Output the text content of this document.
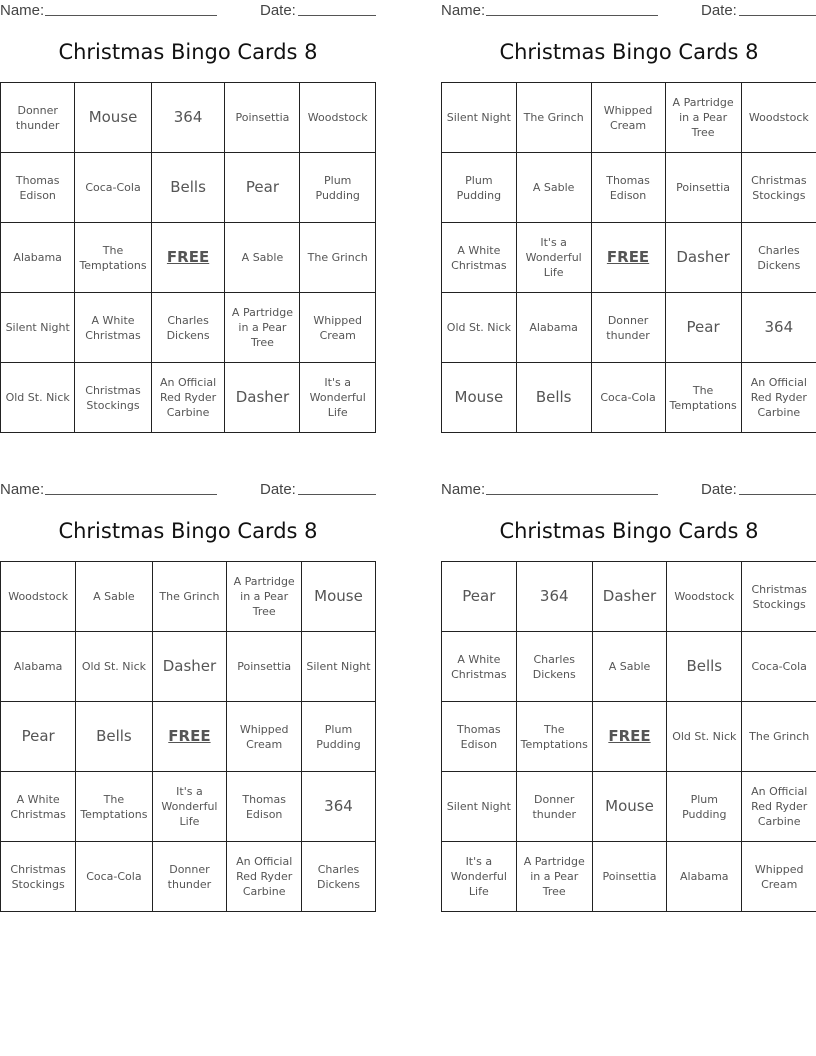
Name:	Date:
Christmas Bingo Cards 8
Donner thunder	Mouse	364	Poinsettia	Woodstock
Thomas Edison	Coca-Cola	Bells	Pear	Plum Pudding
Alabama	The Temptations	FREE	A Sable	The Grinch
Silent Night	A White Christmas	Charles Dickens	A Partridge in a Pear Tree	Whipped Cream
Old St. Nick	Christmas Stockings	An Official Red Ryder Carbine	Dasher	It's a Wonderful Life
Name:	Date:
Christmas Bingo Cards 8
Silent Night	The Grinch	Whipped Cream	A Partridge in a Pear Tree	Woodstock
Plum Pudding	A Sable	Thomas Edison	Poinsettia	Christmas Stockings
A White Christmas	It's a Wonderful Life	FREE	Dasher	Charles Dickens
Old St. Nick	Alabama	Donner thunder	Pear	364
Mouse	Bells	Coca-Cola	The Temptations	An Official Red Ryder Carbine
Name:	Date:
Christmas Bingo Cards 8
Woodstock	A Sable	The Grinch	A Partridge in a Pear Tree	Mouse
Alabama	Old St. Nick	Dasher	Poinsettia	Silent Night
Pear	Bells	FREE	Whipped Cream	Plum Pudding
A White Christmas	The Temptations	It's a Wonderful Life	Thomas Edison	364
Christmas Stockings	Coca-Cola	Donner thunder	An Official Red Ryder Carbine	Charles Dickens
Name:	Date:
Christmas Bingo Cards 8
Pear	364	Dasher	Woodstock	Christmas Stockings
A White Christmas	Charles Dickens	A Sable	Bells	Coca-Cola
Thomas Edison	The Temptations	FREE	Old St. Nick	The Grinch
Silent Night	Donner thunder	Mouse	Plum Pudding	An Official Red Ryder Carbine
It's a Wonderful Life	A Partridge in a Pear Tree	Poinsettia	Alabama	Whipped Cream
